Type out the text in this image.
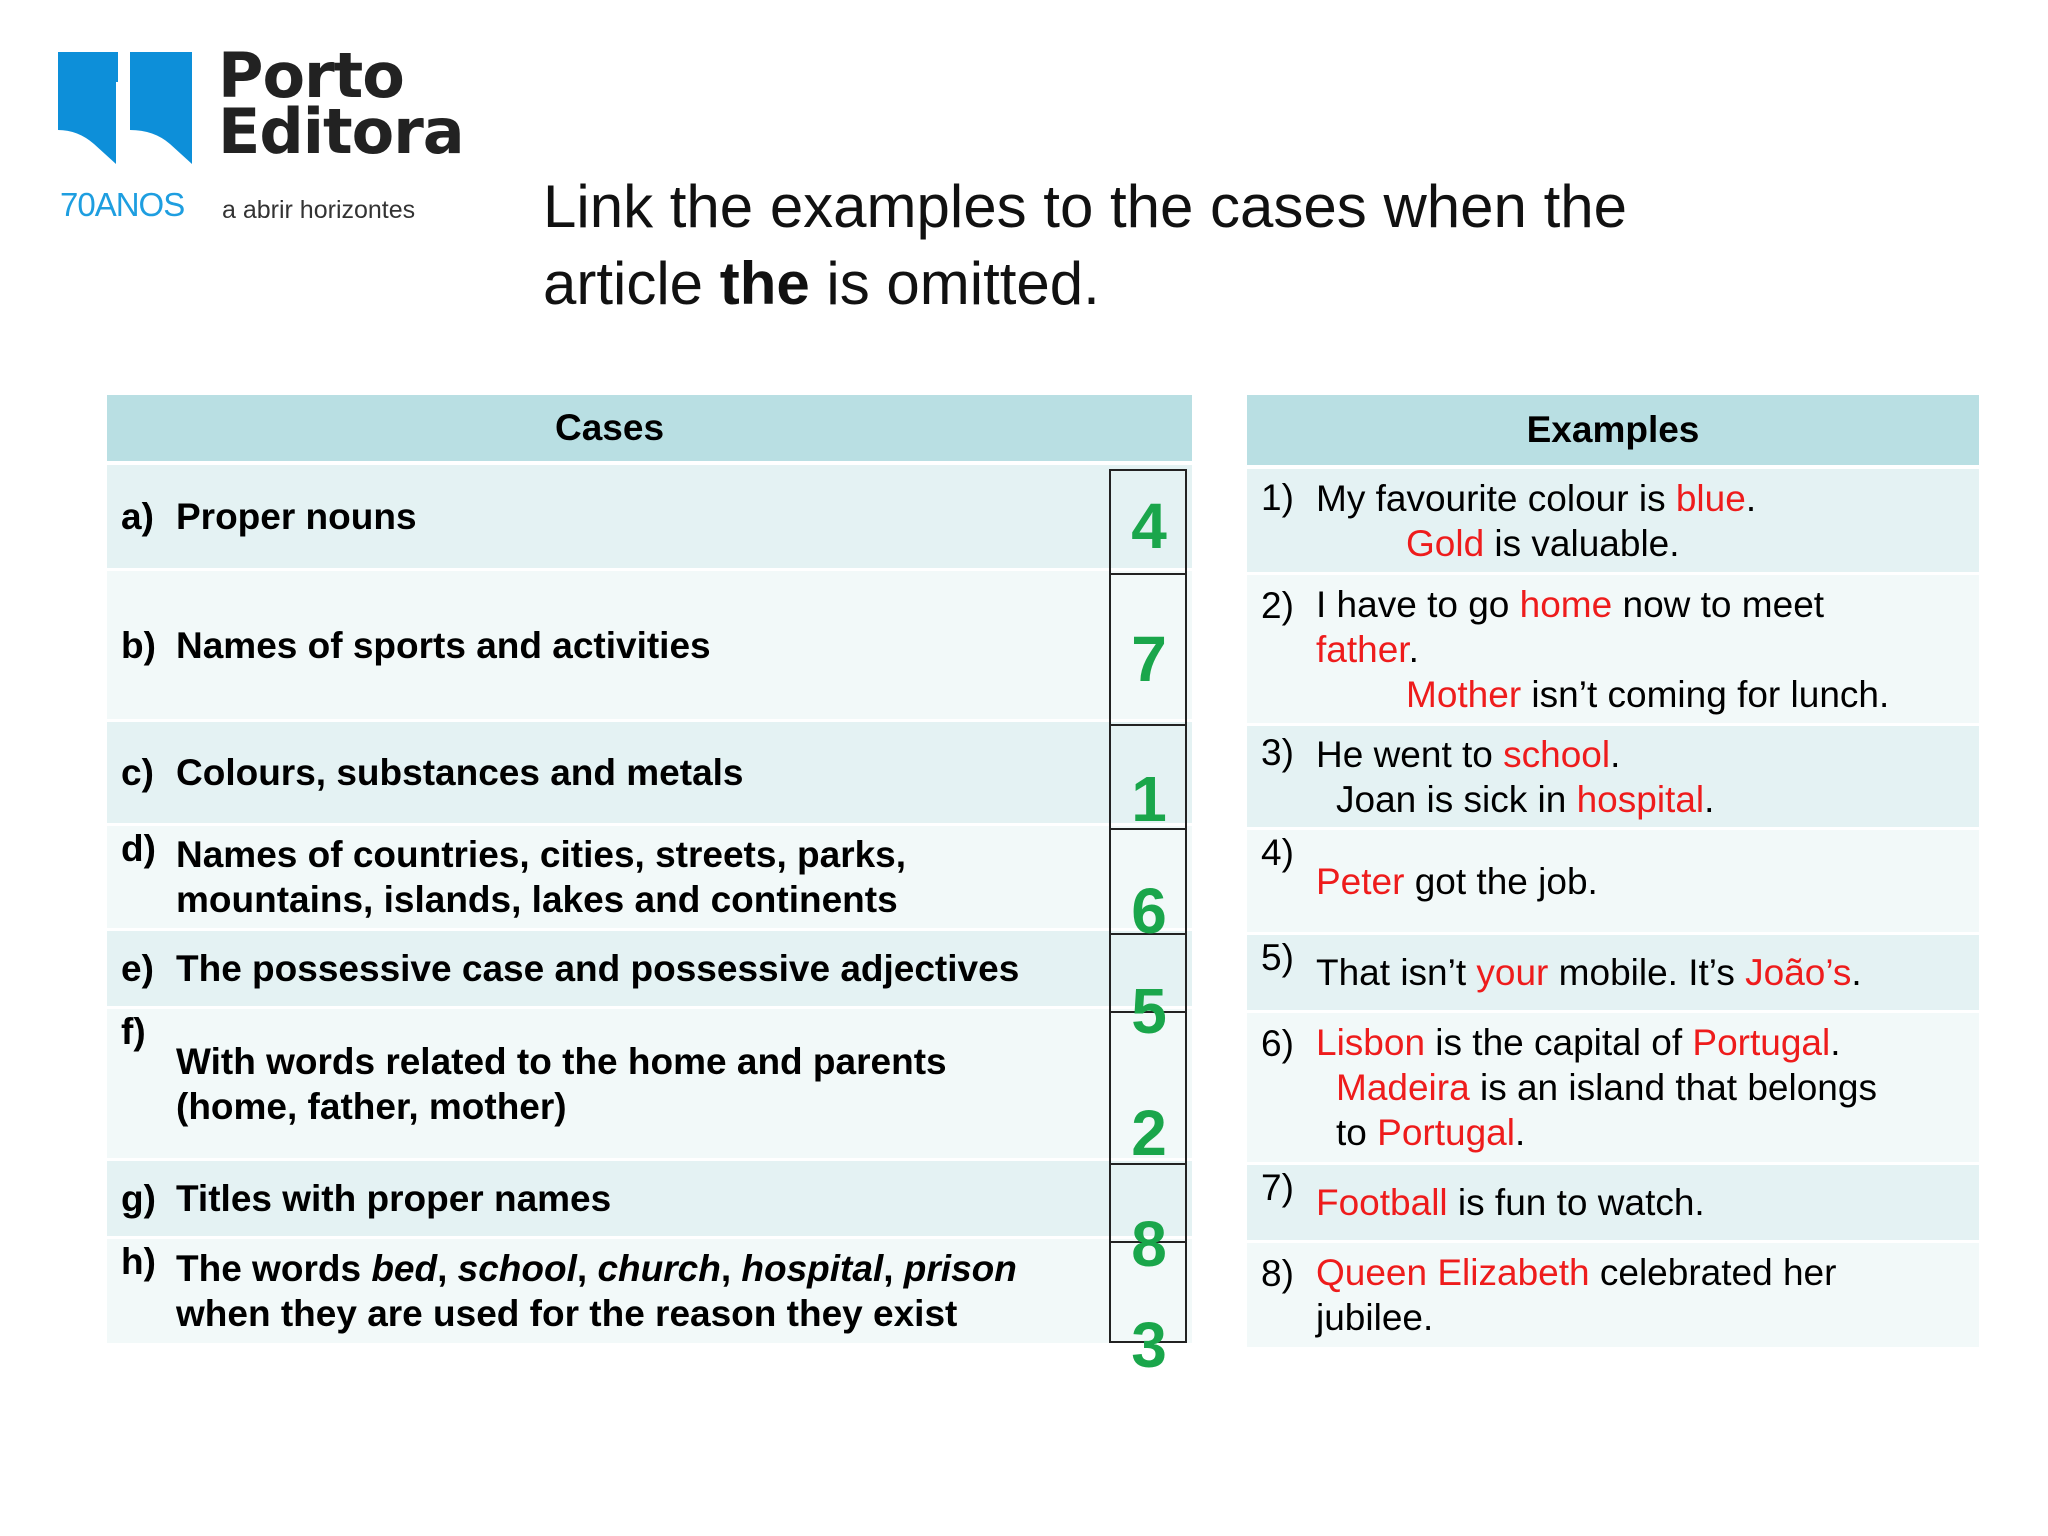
Porto
Editora
70ANOS a abrir horizontes Link the examples to the cases when the
article the is omitted.
Cases
a) Proper nouns
b) Names of sports and activities
c) Colours, substances and metals
d) Names of countries, cities, streets, parks, mountains, islands, lakes and continents
e) The possessive case and possessive adjectives
f)
With words related to the home and parents
(home, father, mother)
g) Titles with proper names
h) The words bed, school, church, hospital, prison
when they are used for the reason they exist
4
7
1
6
5
2
8
3
Examples
1) My favourite colour is blue.
Gold is valuable.
2) I have to go home now to meet
father.
Mother isn’t coming for lunch.
3) He went to school.
Joan is sick in hospital.
4)
Peter got the job.
5) That isn’t your mobile. It’s João’s.
6) Lisbon is the capital of Portugal.
Madeira is an island that belongs
to Portugal.
7) Football is fun to watch.
8) Queen Elizabeth celebrated her
jubilee.
